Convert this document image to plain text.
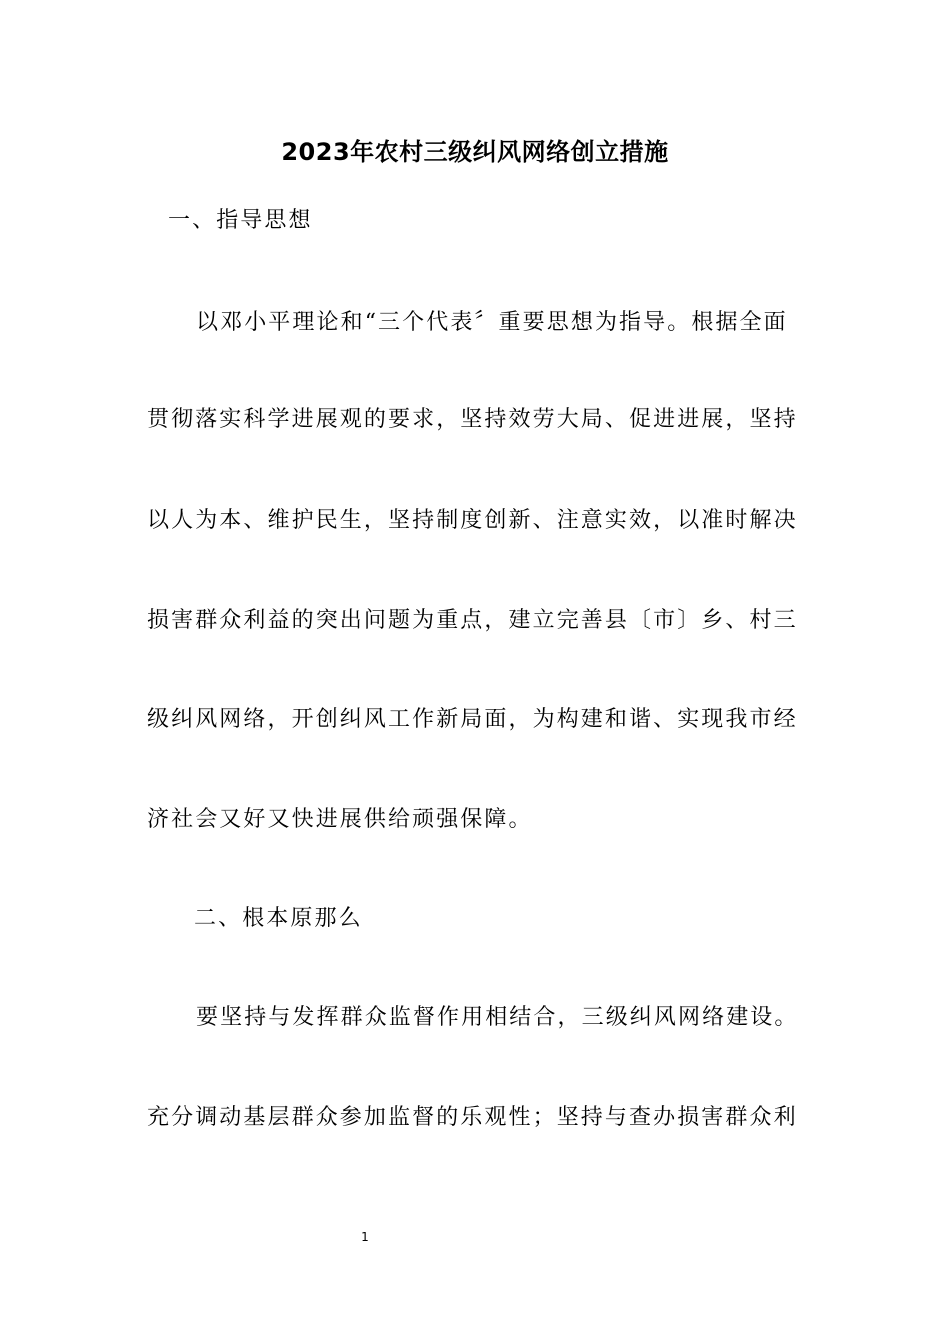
2023年农村三级纠风网络创立措施
一、指导思想
以邓小平理论和“三个代表〞重要思想为指导。根据全面
贯彻落实科学进展观的要求，坚持效劳大局、促进进展，坚持
以人为本、维护民生，坚持制度创新、注意实效，以准时解决
损害群众利益的突出问题为重点，建立完善县〔市〕乡、村三
级纠风网络，开创纠风工作新局面，为构建和谐、实现我市经
济社会又好又快进展供给顽强保障。
二、根本原那么
要坚持与发挥群众监督作用相结合，三级纠风网络建设。
充分调动基层群众参加监督的乐观性；坚持与查办损害群众利
1
